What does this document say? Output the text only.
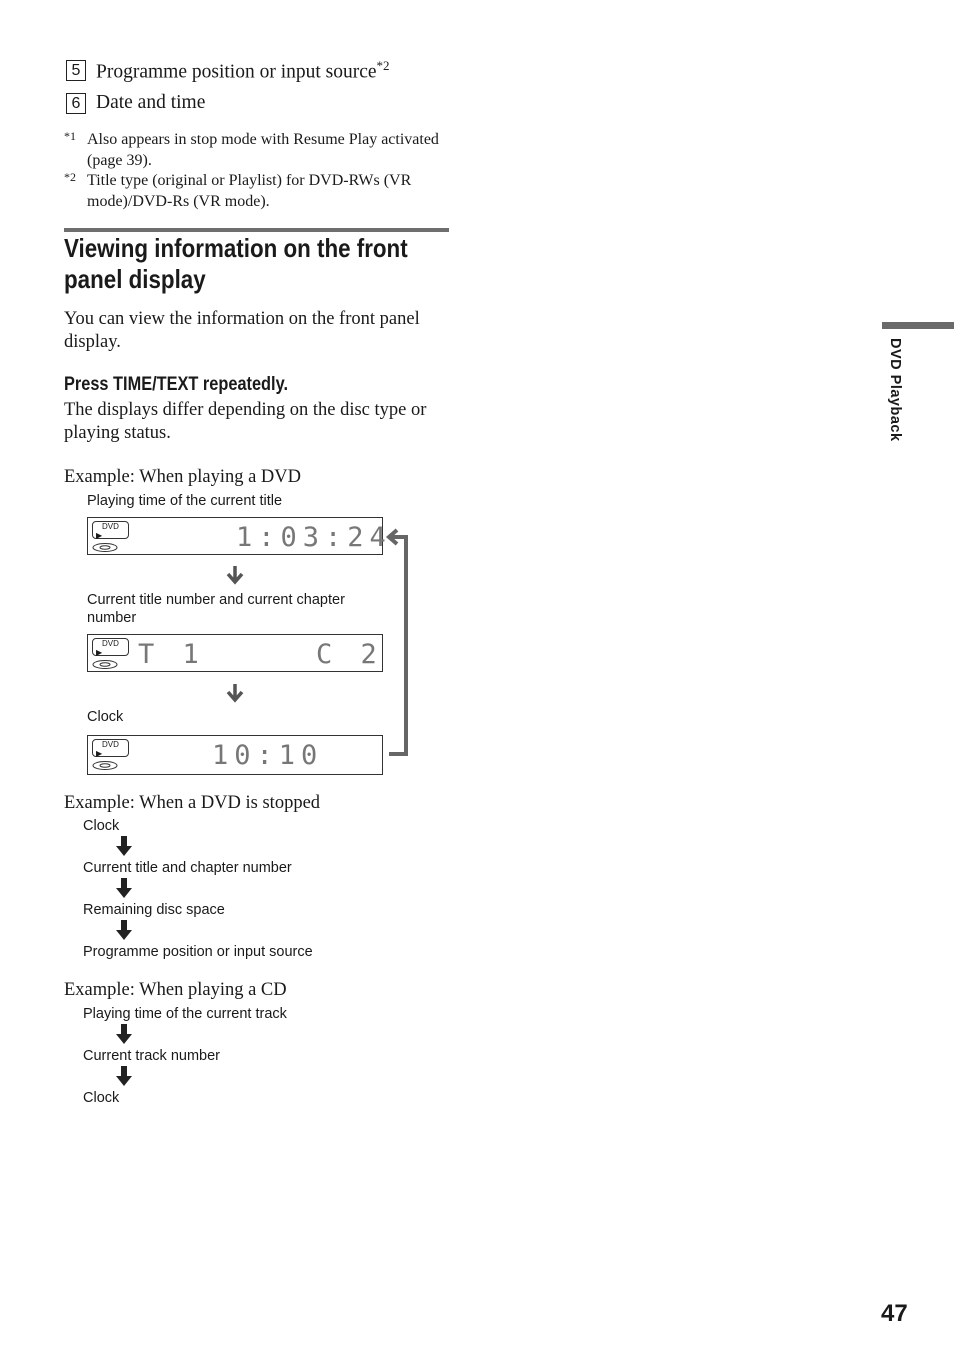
5 Programme position or input source$^{*2}$
6 Date and time
*1 Also appears in stop mode with Resume Play activated (page 39).
*2 Title type (original or Playlist) for DVD-RWs (VR mode)/DVD-Rs (VR mode).
Viewing information on the front
panel display
You can view the information on the front panel display.
Press TIME/TEXT repeatedly.
The displays differ depending on the disc type or playing status.
Example: When playing a DVD
Playing time of the current title
DVD
▶	1:03:24
Current title number and current chapter number
DVD
▶	T 1     C 2
Clock
DVD
▶	10:10
Example: When a DVD is stopped
Clock
Current title and chapter number
Remaining disc space
Programme position or input source
Example: When playing a CD
Playing time of the current track
Current track number
Clock
DVD Playback
47
